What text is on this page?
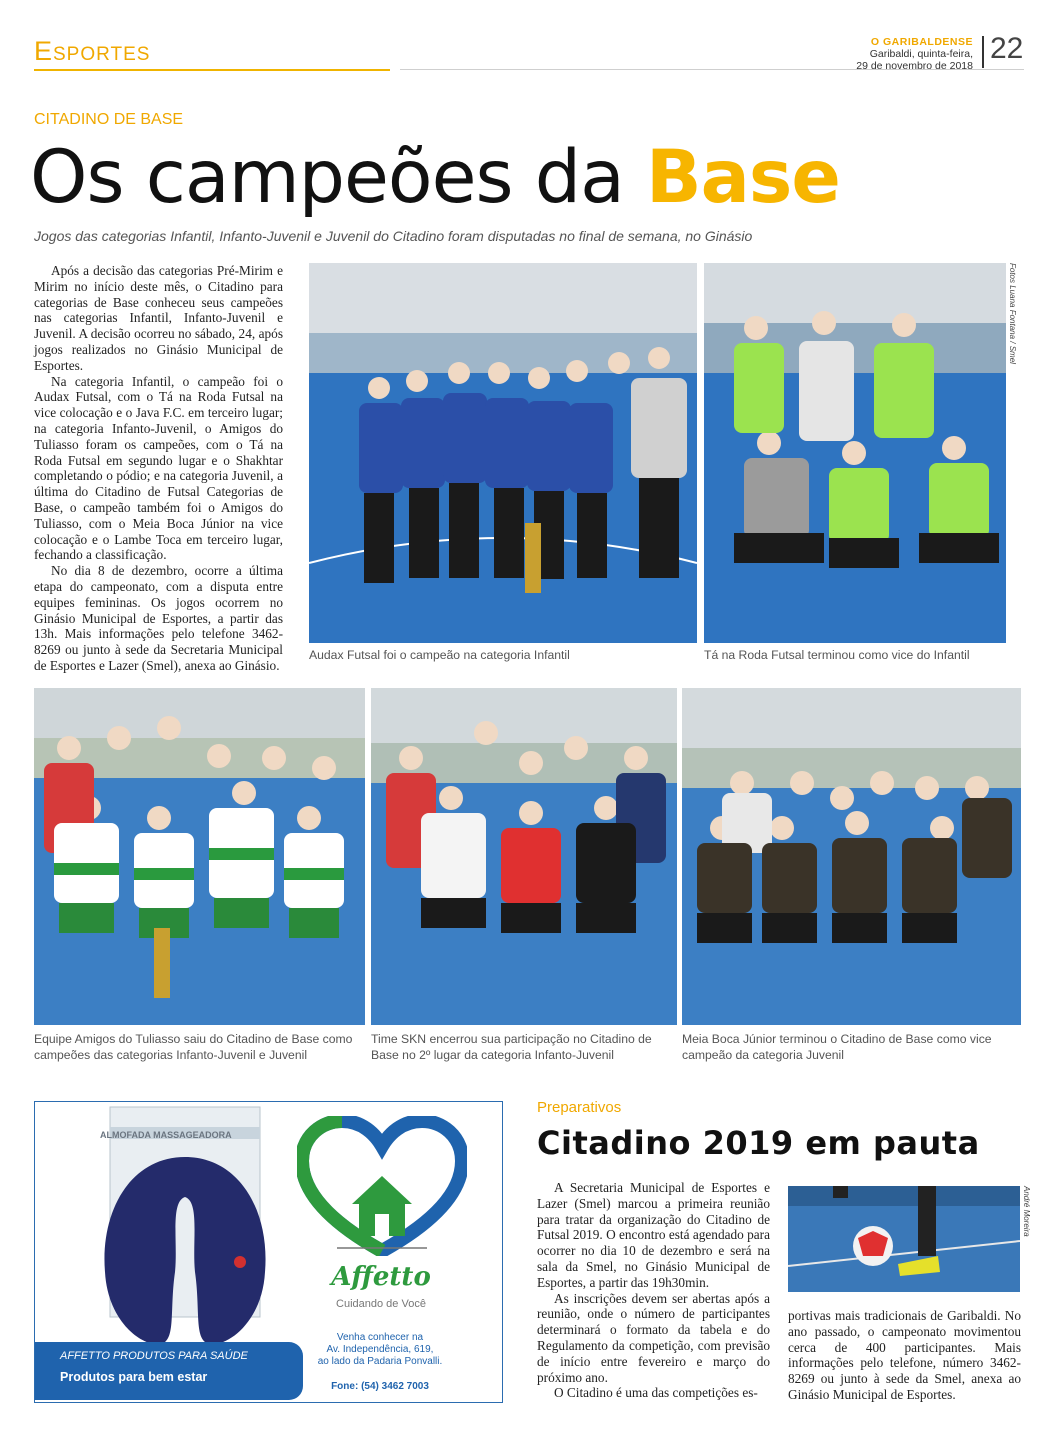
Esportes	O GARIBALDENSE
Garibaldi, quinta-feira,
29 de novembro de 2018
22
CITADINO DE BASE
Os campeões da Base
Jogos das categorias Infantil, Infanto-Juvenil e Juvenil do Citadino foram disputadas no final de semana, no Ginásio

Após a decisão das categorias Pré-Mirim e Mirim no início deste mês, o Citadino para categorias de Base conheceu seus campeões nas categorias Infantil, Infanto-Juvenil e Juvenil. A decisão ocorreu no sábado, 24, após jogos realizados no Ginásio Municipal de Esportes.

Na categoria Infantil, o campeão foi o Audax Futsal, com o Tá na Roda Futsal na vice colocação e o Java F.C. em terceiro lugar; na categoria Infanto-Juvenil, o Amigos do Tuliasso foram os campeões, com o Tá na Roda Futsal em segundo lugar e o Shakhtar completando o pódio; e na categoria Juvenil, a última do Citadino de Futsal Categorias de Base, o campeão também foi o Amigos do Tuliasso, com o Meia Boca Júnior na vice colocação e o Lambe Toca em terceiro lugar, fechando a classificação.

No dia 8 de dezembro, ocorre a última etapa do campeonato, com a disputa entre equipes femininas. Os jogos ocorrem no Ginásio Municipal de Esportes, a partir das 13h. Mais informações pelo telefone 3462-8269 ou junto à sede da Secretaria Municipal de Esportes e Lazer (Smel), anexa ao Ginásio.

Fotos Luana Fontana / Smel
Audax Futsal foi o campeão na categoria Infantil	Tá na Roda Futsal terminou como vice do Infantil
Equipe Amigos do Tuliasso saiu do Citadino de Base como campeões das categorias Infanto-Juvenil e Juvenil
Time SKN encerrou sua participação no Citadino de Base no 2º lugar da categoria Infanto-Juvenil
Meia Boca Júnior terminou o Citadino de Base como vice campeão da categoria Juvenil
ALMOFADA MASSAGEADORA
AFFETTO PRODUTOS PARA SAÚDE
Produtos para bem estar
Affetto
Cuidando de Você
Venha conhecer na
Av. Independência, 619,
ao lado da Padaria Ponvalli.
Fone: (54) 3462 7003
Preparativos
Citadino 2019 em pauta

A Secretaria Municipal de Esportes e Lazer (Smel) marcou a primeira reunião para tratar da organização do Citadino de Futsal 2019. O encontro está agendado para ocorrer no dia 10 de dezembro e será na sala da Smel, no Ginásio Municipal de Esportes, a partir das 19h30min.

As inscrições devem ser abertas após a reunião, onde o número de participantes determinará o formato da tabela e do Regulamento da competição, com previsão de início entre fevereiro e março do próximo ano.

O Citadino é uma das competições es-

André Moreira

portivas mais tradicionais de Garibaldi. No ano passado, o campeonato movimentou cerca de 400 participantes. Mais informações pelo telefone, número 3462-8269 ou junto à sede da Smel, anexa ao Ginásio Municipal de Esportes.
